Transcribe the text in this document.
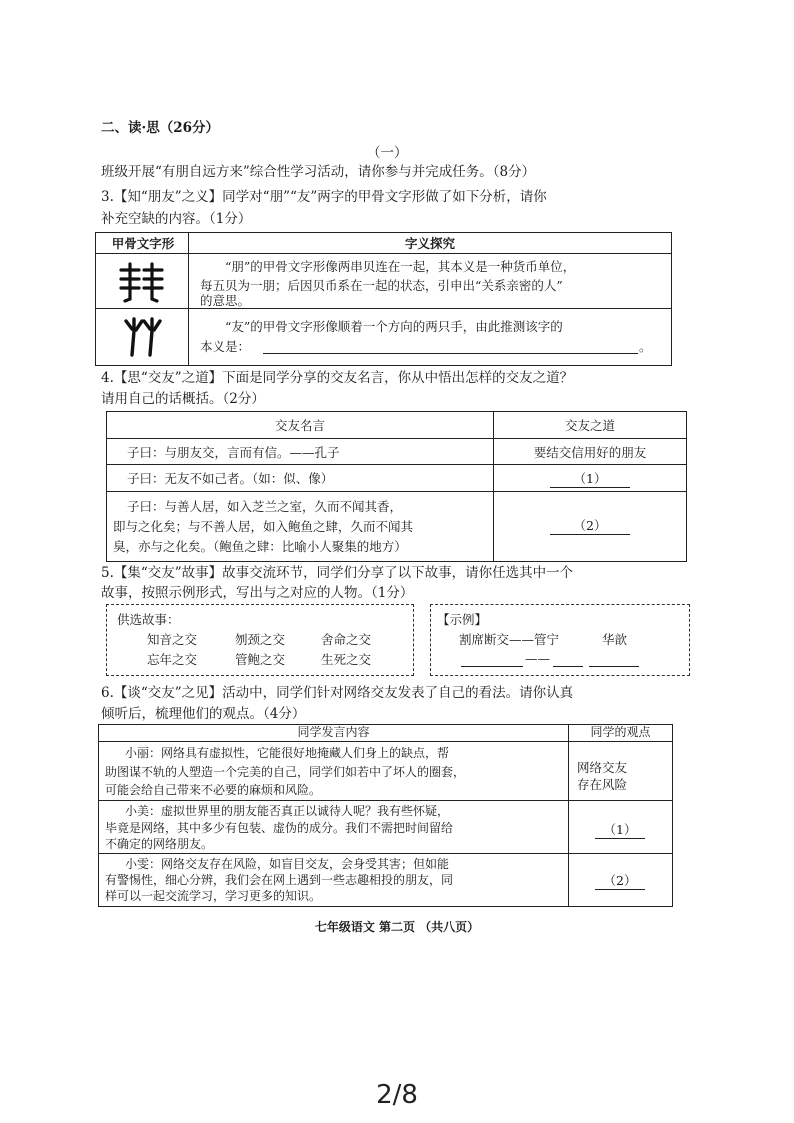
二、读·思（26分）
（一）
班级开展“有朋自远方来”综合性学习活动，请你参与并完成任务。（8分）
3.【知“朋友”之义】同学对“朋”“友”两字的甲骨文字形做了如下分析，请你
补充空缺的内容。（1分）
甲骨文字形	字义探究
“朋”的甲骨文字形像两串贝连在一起，其本义是一种货币单位，
每五贝为一朋；后因贝币系在一起的状态，引申出“关系亲密的人”
的意思。
“友”的甲骨文字形像顺着一个方向的两只手，由此推测该字的
本义是：	。
4.【思“交友”之道】下面是同学分享的交友名言，你从中悟出怎样的交友之道？
请用自己的话概括。（2分）
交友名言	交友之道
子曰：与朋友交，言而有信。——孔子	要结交信用好的朋友
子曰：无友不如己者。（如：似、像）	（1）
子曰：与善人居，如入芝兰之室，久而不闻其香，
即与之化矣；与不善人居，如入鲍鱼之肆，久而不闻其
臭，亦与之化矣。（鲍鱼之肆：比喻小人聚集的地方）
（2）
5.【集“交友”故事】故事交流环节，同学们分享了以下故事，请你任选其中一个
故事，按照示例形式，写出与之对应的人物。（1分）
供选故事：
知音之交	刎颈之交	舍命之交
忘年之交	管鲍之交	生死之交
【示例】
割席断交——管宁	华歆
——
6.【谈“交友”之见】活动中，同学们针对网络交友发表了自己的看法。请你认真
倾听后，梳理他们的观点。（4分）
同学发言内容	同学的观点
小丽：网络具有虚拟性，它能很好地掩藏人们身上的缺点，帮
助图谋不轨的人塑造一个完美的自己，同学们如若中了坏人的圈套，
可能会给自己带来不必要的麻烦和风险。
网络交友
存在风险
小美：虚拟世界里的朋友能否真正以诚待人呢？我有些怀疑，
毕竟是网络，其中多少有包装、虚伪的成分。我们不需把时间留给
不确定的网络朋友。
（1）
小雯：网络交友存在风险，如盲目交友，会身受其害；但如能
有警惕性，细心分辨，我们会在网上遇到一些志趣相投的朋友，同
样可以一起交流学习，学习更多的知识。
（2）
七年级语文 第二页 （共八页）
2/8
